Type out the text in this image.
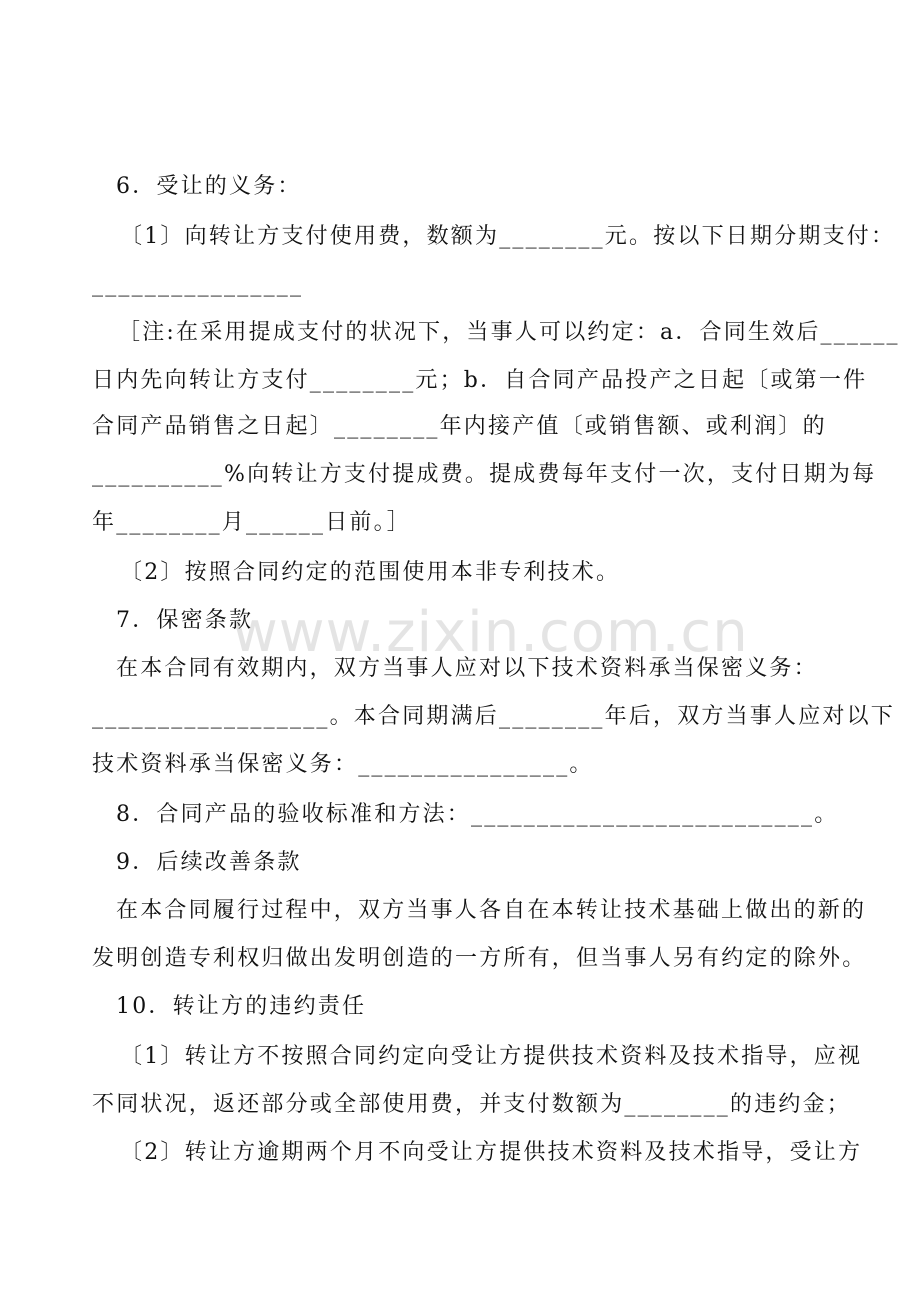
6．受让的义务：
〔1〕向转让方支付使用费，数额为________元。按以下日期分期支付：
________________
［注:在采用提成支付的状况下，当事人可以约定：a．合同生效后______
日内先向转让方支付________元；b．自合同产品投产之日起〔或第一件
合同产品销售之日起〕________年内接产值〔或销售额、或利润〕的
__________%向转让方支付提成费。提成费每年支付一次，支付日期为每
年________月______日前。］
〔2〕按照合同约定的范围使用本非专利技术。
7．保密条款
在本合同有效期内，双方当事人应对以下技术资料承当保密义务：
__________________。本合同期满后________年后，双方当事人应对以下
技术资料承当保密义务：________________。
8．合同产品的验收标准和方法：__________________________。
9．后续改善条款
在本合同履行过程中，双方当事人各自在本转让技术基础上做出的新的
发明创造专利权归做出发明创造的一方所有，但当事人另有约定的除外。
10．转让方的违约责任
〔1〕转让方不按照合同约定向受让方提供技术资料及技术指导，应视
不同状况，返还部分或全部使用费，并支付数额为________的违约金；
〔2〕转让方逾期两个月不向受让方提供技术资料及技术指导，受让方
www.zixin.com.cn
